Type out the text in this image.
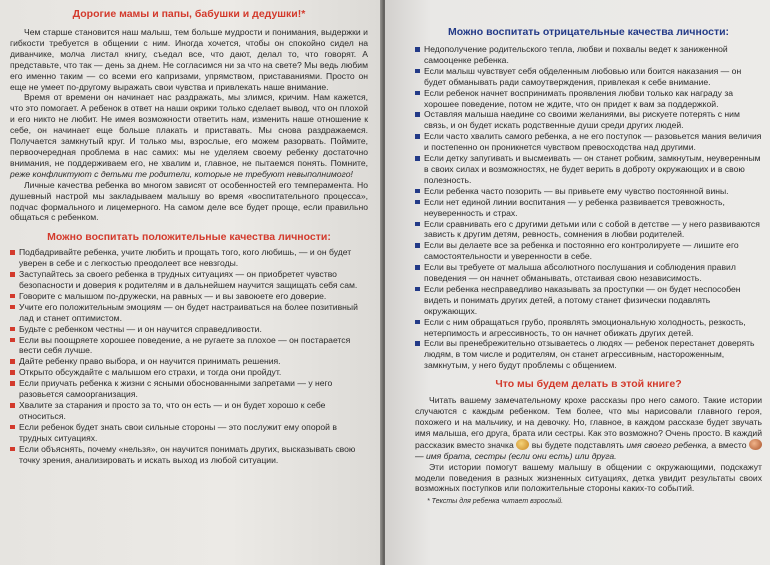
Дорогие мамы и папы, бабушки и дедушки!*

Чем старше становится наш малыш, тем больше мудрости и понимания, выдержки и гибкости требуется в общении с ним. Иногда хочется, чтобы он спокойно сидел на диванчике, молча листал книгу, съедал все, что дают, делал то, что говорят. А представьте, что так — день за днем. Не согласимся ни за что на свете? Мы ведь любим его именно таким — со всеми его капризами, упрямством, приставаниями. Просто он еще не умеет по-другому выражать свои чувства и привлекать наше внимание.

Время от времени он начинает нас раздражать, мы злимся, кричим. Нам кажется, что это помогает. А ребенок в ответ на наши окрики только сделает вывод, что он плохой и его никто не любит. Не имея возможности ответить нам, изменить наше отношение к себе, он начинает еще больше плакать и приставать. Мы снова раздражаемся. Получается замкнутый круг. И только мы, взрослые, его можем разорвать. Поймите, первоочередная проблема в нас самих: мы не уделяем своему ребенку достаточно внимания, не поддерживаем его, не хвалим и, главное, не пытаемся понять. Помните, реже конфликтуют с детьми те родители, которые не требуют невыполнимого!

Личные качества ребенка во многом зависят от особенностей его темперамента. Но душевный настрой мы закладываем малышу во время «воспитательного процесса», подчас формального и лицемерного. На самом деле все будет проще, если правильно общаться с ребенком.

Можно воспитать положительные качества личности:
Подбадривайте ребенка, учите любить и прощать того, кого любишь, — и он будет уверен в себе и с легкостью преодолеет все невзгоды.
Заступайтесь за своего ребенка в трудных ситуациях — он приобретет чувство безопасности и доверия к родителям и в дальнейшем научится защищать себя сам.
Говорите с малышом по-дружески, на равных — и вы завоюете его доверие.
Учите его положительным эмоциям — он будет настраиваться на более позитивный лад и станет оптимистом.
Будьте с ребенком честны — и он научится справедливости.
Если вы поощряете хорошее поведение, а не ругаете за плохое — он постарается вести себя лучше.
Дайте ребенку право выбора, и он научится принимать решения.
Открыто обсуждайте с малышом его страхи, и тогда они пройдут.
Если приучать ребенка к жизни с ясными обоснованными запретами — у него разовьется самоорганизация.
Хвалите за старания и просто за то, что он есть — и он будет хорошо к себе относиться.
Если ребенок будет знать свои сильные стороны — это послужит ему опорой в трудных ситуациях.
Если объяснять, почему «нельзя», он научится понимать других, высказывать свою точку зрения, анализировать и искать выход из любой ситуации.
Можно воспитать отрицательные качества личности:
Недополучение родительского тепла, любви и похвалы ведет к заниженной самооценке ребенка.
Если малыш чувствует себя обделенным любовью или боится наказания — он будет обманывать ради самоутверждения, привлекая к себе внимание.
Если ребенок начнет воспринимать проявления любви только как награду за хорошее поведение, потом не ждите, что он придет к вам за поддержкой.
Оставляя малыша наедине со своими желаниями, вы рискуете потерять с ним связь, и он будет искать родственные души среди других людей.
Если часто хвалить самого ребенка, а не его поступок — разовьется мания величия и постепенно он проникнется чувством превосходства над другими.
Если детку запугивать и высмеивать — он станет робким, замкнутым, неуверенным в своих силах и возможностях, не будет верить в доброту окружающих и в свою полезность.
Если ребенка часто позорить — вы привьете ему чувство постоянной вины.
Если нет единой линии воспитания — у ребенка развивается тревожность, неуверенность и страх.
Если сравнивать его с другими детьми или с собой в детстве — у него развиваются зависть к другим детям, ревность, сомнения в любви родителей.
Если вы делаете все за ребенка и постоянно его контролируете — лишите его самостоятельности и уверенности в себе.
Если вы требуете от малыша абсолютного послушания и соблюдения правил поведения — он начнет обманывать, отстаивая свою независимость.
Если ребенка несправедливо наказывать за проступки — он будет неспособен видеть и понимать других детей, а потому станет физически подавлять окружающих.
Если с ним обращаться грубо, проявлять эмоциональную холодность, резкость, нетерпимость и агрессивность, то он начнет обижать других детей.
Если вы пренебрежительно отзываетесь о людях — ребенок перестанет доверять людям, в том числе и родителям, он станет агрессивным, настороженным, замкнутым, у него будут проблемы с общением.
Что мы будем делать в этой книге?

Читать вашему замечательному крохе рассказы про него самого. Такие истории случаются с каждым ребенком. Тем более, что мы нарисовали главного героя, похожего и на мальчику, и на девочку. Но, главное, в каждом рассказе будет звучать имя малыша, его друга, брата или сестры. Как это возможно? Очень просто. В каждий рассказик вместо значка вы будете подставлять имя своего ребенка, а вместо  — имя брата, сестры (если они есть) или друга.

Эти истории помогут вашему малышу в общении с окружающими, подскажут модели поведения в разных жизненных ситуациях, детка увидит результаты своих возможных поступков или положительные стороны каких-то событий.

* Тексты для ребенка читает взрослый.
